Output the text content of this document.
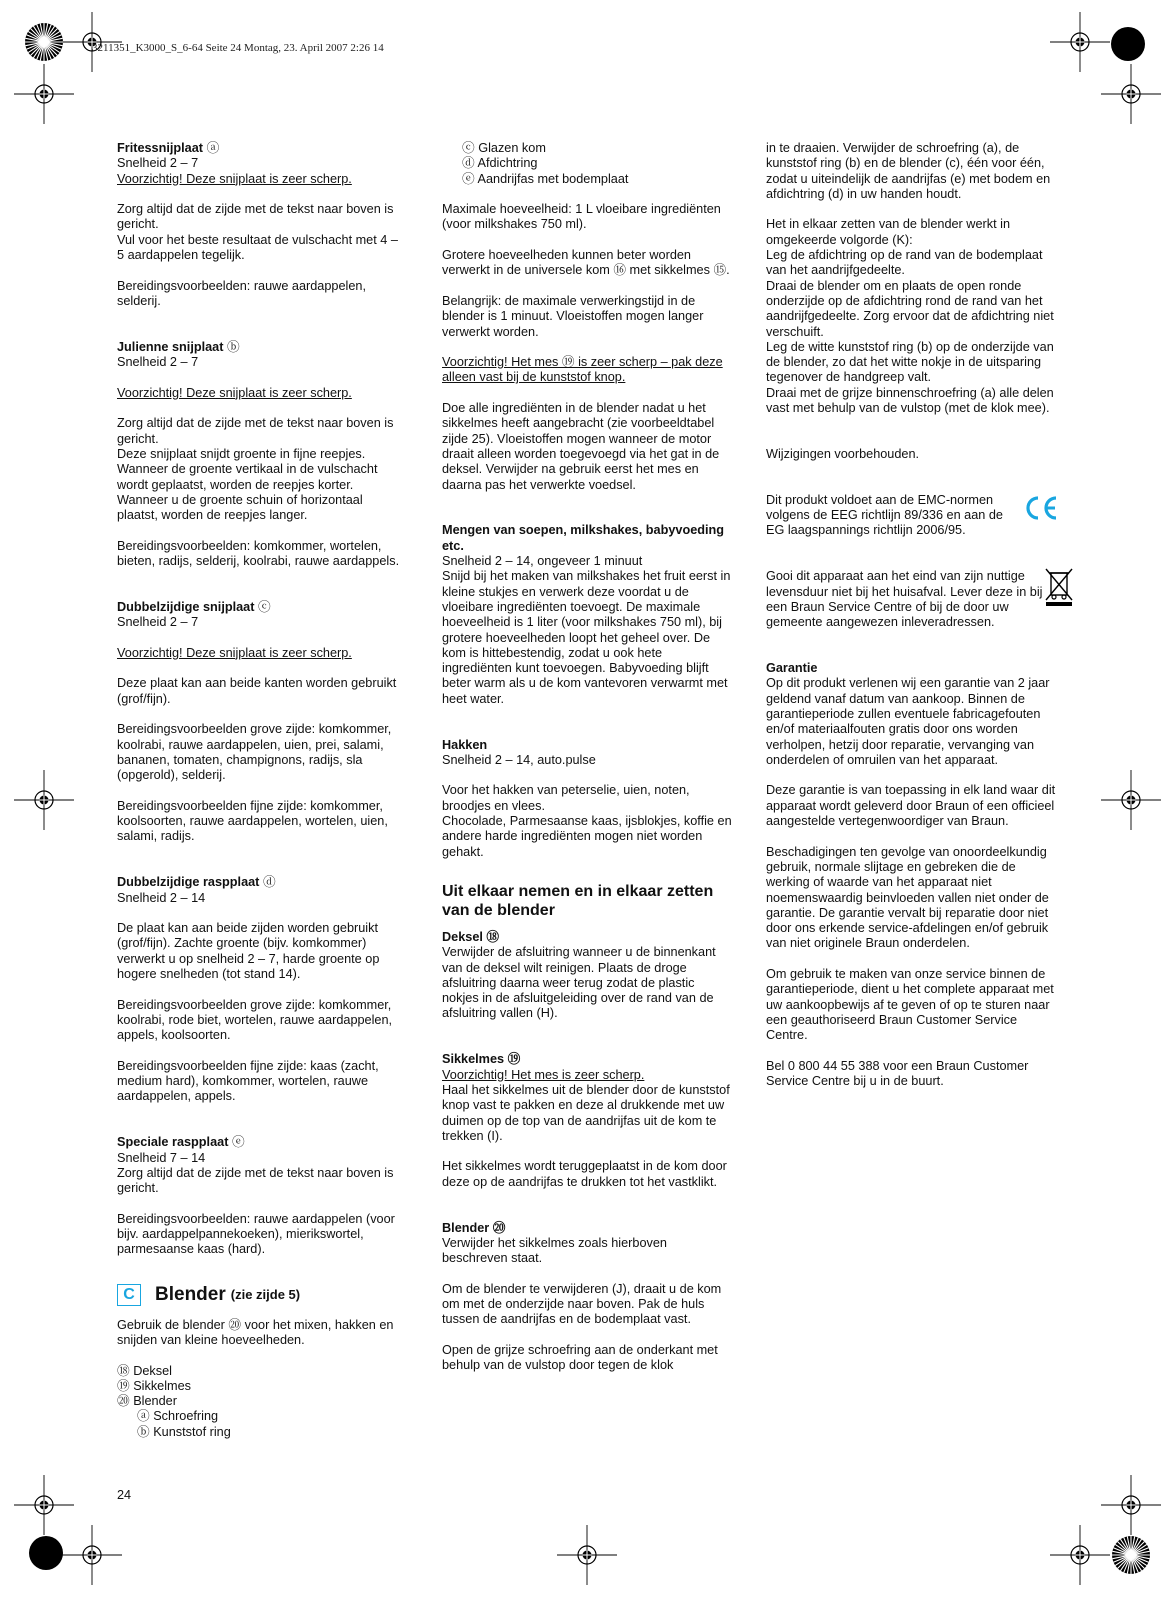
3211351_K3000_S_6-64 Seite 24 Montag, 23. April 2007 2:26 14

Fritessnijplaat ⓐ
Snelheid 2 – 7
Voorzichtig! Deze snijplaat is zeer scherp.

Zorg altijd dat de zijde met de tekst naar boven is gericht.
Vul voor het beste resultaat de vulschacht met 4 – 5 aardappelen tegelijk.

Bereidingsvoorbeelden: rauwe aardappelen, selderij.

Julienne snijplaat ⓑ
Snelheid 2 – 7

Voorzichtig! Deze snijplaat is zeer scherp.

Zorg altijd dat de zijde met de tekst naar boven is gericht.
Deze snijplaat snijdt groente in fijne reepjes. Wanneer de groente vertikaal in de vulschacht wordt geplaatst, worden de reepjes korter. Wanneer u de groente schuin of horizontaal plaatst, worden de reepjes langer.

Bereidingsvoorbeelden: komkommer, wortelen, bieten, radijs, selderij, koolrabi, rauwe aardappels.

Dubbelzijdige snijplaat ⓒ
Snelheid 2 – 7

Voorzichtig! Deze snijplaat is zeer scherp.

Deze plaat kan aan beide kanten worden gebruikt (grof/fijn).

Bereidingsvoorbeelden grove zijde: komkommer, koolrabi, rauwe aardappelen, uien, prei, salami, bananen, tomaten, champignons, radijs, sla (opgerold), selderij.

Bereidingsvoorbeelden fijne zijde: komkommer, koolsoorten, rauwe aardappelen, wortelen, uien, salami, radijs.

Dubbelzijdige raspplaat ⓓ
Snelheid 2 – 14

De plaat kan aan beide zijden worden gebruikt (grof/fijn). Zachte groente (bijv. komkommer) verwerkt u op snelheid 2 – 7, harde groente op hogere snelheden (tot stand 14).

Bereidingsvoorbeelden grove zijde: komkommer, koolrabi, rode biet, wortelen, rauwe aardappelen, appels, koolsoorten.

Bereidingsvoorbeelden fijne zijde: kaas (zacht, medium hard), komkommer, wortelen, rauwe aardappelen, appels.

Speciale raspplaat ⓔ
Snelheid 7 – 14
Zorg altijd dat de zijde met de tekst naar boven is gericht.

Bereidingsvoorbeelden: rauwe aardappelen (voor bijv. aardappelpannekoeken), mierikswortel, parmesaanse kaas (hard).

C	Blender (zie zijde 5)

Gebruik de blender ⑳ voor het mixen, hakken en snijden van kleine hoeveelheden.

⑱ Deksel
⑲ Sikkelmes
⑳ Blender
ⓐ Schroefring
ⓑ Kunststof ring

ⓒ Glazen kom
ⓓ Afdichtring
ⓔ Aandrijfas met bodemplaat

Maximale hoeveelheid: 1 L vloeibare ingrediënten (voor milkshakes 750 ml).

Grotere hoeveelheden kunnen beter worden verwerkt in de universele kom ⑯ met sikkelmes ⑮.

Belangrijk: de maximale verwerkingstijd in de blender is 1 minuut. Vloeistoffen mogen langer verwerkt worden.

Voorzichtig! Het mes ⑲ is zeer scherp – pak deze alleen vast bij de kunststof knop.

Doe alle ingrediënten in de blender nadat u het sikkelmes heeft aangebracht (zie voorbeeldtabel zijde 25). Vloeistoffen mogen wanneer de motor draait alleen worden toegevoegd via het gat in de deksel. Verwijder na gebruik eerst het mes en daarna pas het verwerkte voedsel.

Mengen van soepen, milkshakes, babyvoeding etc.
Snelheid 2 – 14, ongeveer 1 minuut
Snijd bij het maken van milkshakes het fruit eerst in kleine stukjes en verwerk deze voordat u de vloeibare ingrediënten toevoegt. De maximale hoeveelheid is 1 liter (voor milkshakes 750 ml), bij grotere hoeveelheden loopt het geheel over. De kom is hittebestendig, zodat u ook hete ingrediënten kunt toevoegen. Babyvoeding blijft beter warm als u de kom vantevoren verwarmt met heet water.

Hakken
Snelheid 2 – 14, auto.pulse

Voor het hakken van peterselie, uien, noten, broodjes en vlees.
Chocolade, Parmesaanse kaas, ijsblokjes, koffie en andere harde ingrediënten mogen niet worden gehakt.

Uit elkaar nemen en in elkaar zetten van de blender

Deksel ⑱
Verwijder de afsluitring wanneer u de binnenkant van de deksel wilt reinigen. Plaats de droge afsluitring daarna weer terug zodat de plastic nokjes in de afsluitgeleiding over de rand van de afsluitring vallen (H).

Sikkelmes ⑲
Voorzichtig! Het mes is zeer scherp.
Haal het sikkelmes uit de blender door de kunststof knop vast te pakken en deze al drukkende met uw duimen op de top van de aandrijfas uit de kom te trekken (I).

Het sikkelmes wordt teruggeplaatst in de kom door deze op de aandrijfas te drukken tot het vastklikt.

Blender ⑳
Verwijder het sikkelmes zoals hierboven beschreven staat.

Om de blender te verwijderen (J), draait u de kom om met de onderzijde naar boven. Pak de huls tussen de aandrijfas en de bodemplaat vast.

Open de grijze schroefring aan de onderkant met behulp van de vulstop door tegen de klok

in te draaien. Verwijder de schroefring (a), de kunststof ring (b) en de blender (c), één voor één, zodat u uiteindelijk de aandrijfas (e) met bodem en afdichtring (d) in uw handen houdt.

Het in elkaar zetten van de blender werkt in omgekeerde volgorde (K):
Leg de afdichtring op de rand van de bodemplaat van het aandrijfgedeelte.
Draai de blender om en plaats de open ronde onderzijde op de afdichtring rond de rand van het aandrijfgedeelte. Zorg ervoor dat de afdichtring niet verschuift.
Leg de witte kunststof ring (b) op de onderzijde van de blender, zo dat het witte nokje in de uitsparing tegenover de handgreep valt.
Draai met de grijze binnenschroefring (a) alle delen vast met behulp van de vulstop (met de klok mee).

Wijzigingen voorbehouden.

Dit produkt voldoet aan de EMC-normen volgens de EEG richtlijn 89/336 en aan de EG laagspannings richtlijn 2006/95.
Gooi dit apparaat aan het eind van zijn nuttige levensduur niet bij het huisafval. Lever deze in bij een Braun Service Centre of bij de door uw gemeente aangewezen inleveradressen.

Garantie
Op dit produkt verlenen wij een garantie van 2 jaar geldend vanaf datum van aankoop. Binnen de garantieperiode zullen eventuele fabricagefouten en/of materiaalfouten gratis door ons worden verholpen, hetzij door reparatie, vervanging van onderdelen of omruilen van het apparaat.

Deze garantie is van toepassing in elk land waar dit apparaat wordt geleverd door Braun of een officieel aangestelde vertegenwoordiger van Braun.

Beschadigingen ten gevolge van onoordeelkundig gebruik, normale slijtage en gebreken die de werking of waarde van het apparaat niet noemenswaardig beinvloeden vallen niet onder de garantie. De garantie vervalt bij reparatie door niet door ons erkende service-afdelingen en/of gebruik van niet originele Braun onderdelen.

Om gebruik te maken van onze service binnen de garantieperiode, dient u het complete apparaat met uw aankoopbewijs af te geven of op te sturen naar een geauthoriseerd Braun Customer Service Centre.

Bel 0 800 44 55 388 voor een Braun Customer Service Centre bij u in de buurt.

24
